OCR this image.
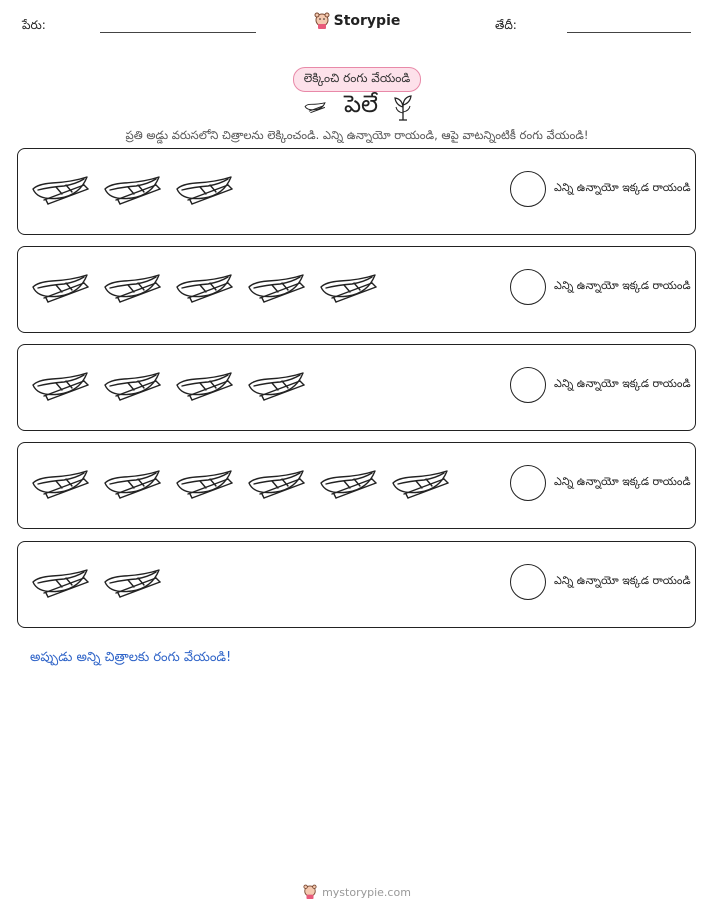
పేరు:	Storypie	తేదీ:
లెక్కించి రంగు వేయండి
పెలే
ప్రతి అడ్డు వరుసలోని చిత్రాలను లెక్కించండి. ఎన్ని ఉన్నాయో రాయండి, ఆపై వాటన్నింటికీ రంగు వేయండి!
ఎన్ని ఉన్నాయో ఇక్కడ రాయండి
ఎన్ని ఉన్నాయో ఇక్కడ రాయండి
ఎన్ని ఉన్నాయో ఇక్కడ రాయండి
ఎన్ని ఉన్నాయో ఇక్కడ రాయండి
ఎన్ని ఉన్నాయో ఇక్కడ రాయండి
అప్పుడు అన్ని చిత్రాలకు రంగు వేయండి!
mystorypie.com
